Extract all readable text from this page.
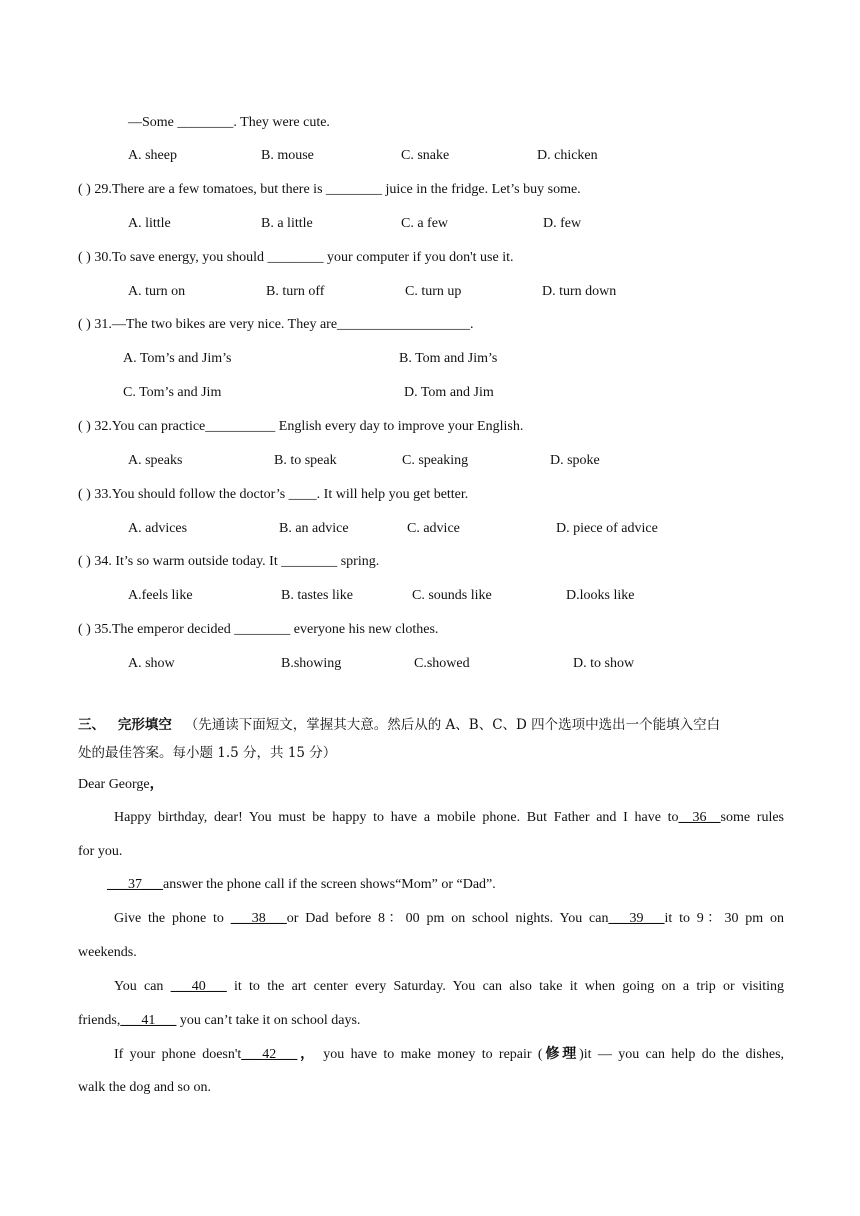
—Some ________. They were cute.
A. sheep	B. mouse	C. snake	D. chicken
( ) 29.There are a few tomatoes, but there is ________ juice in the fridge. Let’s buy some.
A. little	B. a little	C. a few	D. few
( ) 30.To save energy, you should ________ your computer if you don't use it.
A. turn on	B. turn off	C. turn up	D. turn down
( ) 31.—The two bikes are very nice. They are___________________.
A. Tom’s and Jim’s	B. Tom and Jim’s
C. Tom’s and Jim	D. Tom and Jim
( ) 32.You can practice__________ English every day to improve your English.
A. speaks	B. to speak	C. speaking	D. spoke
( ) 33.You should follow the doctor’s ____. It will help you get better.
A. advices	B. an advice	C. advice	D. piece of advice
( ) 34. It’s so warm outside today. It ________ spring.
A.feels like	B. tastes like	C. sounds like	D.looks like
( ) 35.The emperor decided ________ everyone his new clothes.
A. show	B.showing	C.showed	D. to show
三、 完形填空 （先通读下面短文，掌握其大意。然后从的 A、B、C、D 四个选项中选出一个能填入空白
处的最佳答案。每小题 1.5 分，共 15 分）
Dear George，
Happy birthday, dear! You must be happy to have a mobile phone. But Father and I have to__36__some rules
for you.
___37___answer the phone call if the screen shows“Mom” or “Dad”.
Give the phone to ___38___or Dad before 8：00 pm on school nights. You can___39___it to 9：30 pm on
weekends.
You can ___40___ it to the art center every Saturday. You can also take it when going on a trip or visiting
friends,___41___ you can’t take it on school days.
If your phone doesn't___42___， you have to make money to repair (修理)it — you can help do the dishes,
walk the dog and so on.
